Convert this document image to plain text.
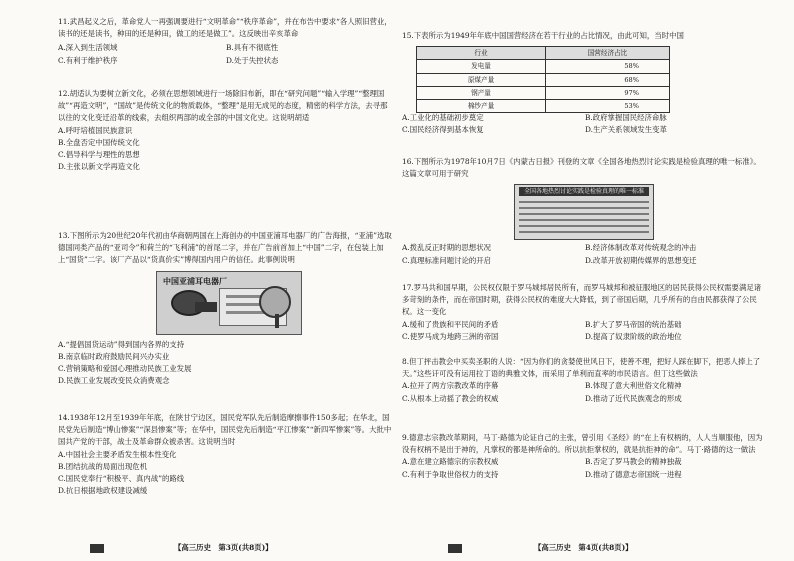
11.武昌起义之后，革命党人一再强调要进行“文明革命”“秩序革命”，并在布告中要求“各人照旧营业，读书的还是读书，种田的还是种田，做工的还是做工”。这反映出辛亥革命

A.深入到生活领域	B.具有不彻底性
C.有利于维护秩序	D.处于失控状态

12.胡适认为要树立新文化，必须在思想领域进行一场除旧布新，即在“研究问题”“输入学理”“整理国故”“再造文明”，“国故”是传统文化的物质载体，“整理”是用无成见的态度，精密的科学方法，去寻那以往的文化变迁沿革的线索，去组织两部的或全部的中国文化史。这说明胡适

A.呼吁培植国民族意识
B.全盘否定中国传统文化
C.倡导科学与理性的思想
D.主张以新文学再造文化

13.下图所示为20世纪20年代初由华商朝两国在上海创办的中国亚浦耳电器厂的广告海报，“亚浦”选取德国同类产品的“亚司令”和荷兰的“飞利浦”的首尾二字，并在广告前首加上“中国”二字，在包装上加上“国货”二字。该厂产品以“货真价实”博得国内用户的信任。此事例说明

中国亚浦耳电器厂
A.“提倡国货运动”得到国内各界的支持
B.南京临时政府鼓励民间兴办实业
C.营销策略和爱国心理推动民族工业发展
D.民族工业发展改变民众消费观念

14.1938年12月至1939年年底，在陕甘宁边区，国民党军队先后制造摩擦事件150多起；在华北，国民党先后制造“博山惨案”“深县惨案”等；在华中，国民党先后制造“平江惨案”“新四军惨案”等。大批中国共产党的干部，战士及革命群众被杀害。这说明当时

A.中国社会主要矛盾发生根本性变化
B.团结抗战的局面出现危机
C.国民党奉行“积极平、真内战”的路线
D.抗日根据地政权建设减缓
【高三历史　第3页(共8页)】

15.下表所示为1949年年底中国国营经济在若干行业的占比情况，由此可知，当时中国

行业	国营经济占比
发电量	58%
原煤产量	68%
钢产量	97%
棉纱产量	53%
A.工业化的基础初步奠定	B.政府掌握国民经济命脉
C.国民经济得到基本恢复	D.生产关系领域发生变革

16.下图所示为1978年10月7日《内蒙古日报》刊登的文章《全国各地热烈讨论实践是检验真理的唯一标准》。这篇文章可用于研究

全国各地热烈讨论实践是检验真理的唯一标准
A.拨乱反正时期的思想状况	B.经济体制改革对传统观念的冲击
C.真理标准问题讨论的开启	D.改革开放初期传媒界的思想变迁

17.罗马共和国早期，公民权仅限于罗马城邦居民所有，而罗马城邦和被征服地区的居民获得公民权需要满足诸多苛刻的条件，而在帝国时期，获得公民权的难度大大降低，到了帝国后期，几乎所有的自由民都获得了公民权。这一变化

A.缓和了贵族和平民间的矛盾	B.扩大了罗马帝国的统治基础
C.使罗马成为地跨三洲的帝国	D.提高了奴隶阶级的政治地位

8.但丁抨击教会中买卖圣职的人说：“因为你们的贪婪使世风日下，使善不理，把好人踩在脚下，把恶人捧上了天。”这些讦可没有运用拉丁语的典雅文体，而采用了单利而直率的市民语言。但丁这些做法

A.拉开了两方宗教改革的序幕	B.体现了意大利世俗文化精神
C.从根本上动摇了教会的权威	D.推动了近代民族观念的形成

9.德意志宗教改革期间，马丁·路德为论证自己的主张，曾引用《圣经》的“在上有权柄的，人人当顺服他，因为没有权柄不是出于神的，凡掌权的都是神所命的。所以抗拒掌权的，就是抗拒神的命”。马丁·路德的这一做法

A.意在建立路德宗的宗教权威	B.否定了罗马教会的精神独裁
C.有利于争取世俗权力的支持	D.推动了德意志帝国统一进程
【高三历史　第4页(共8页)】
